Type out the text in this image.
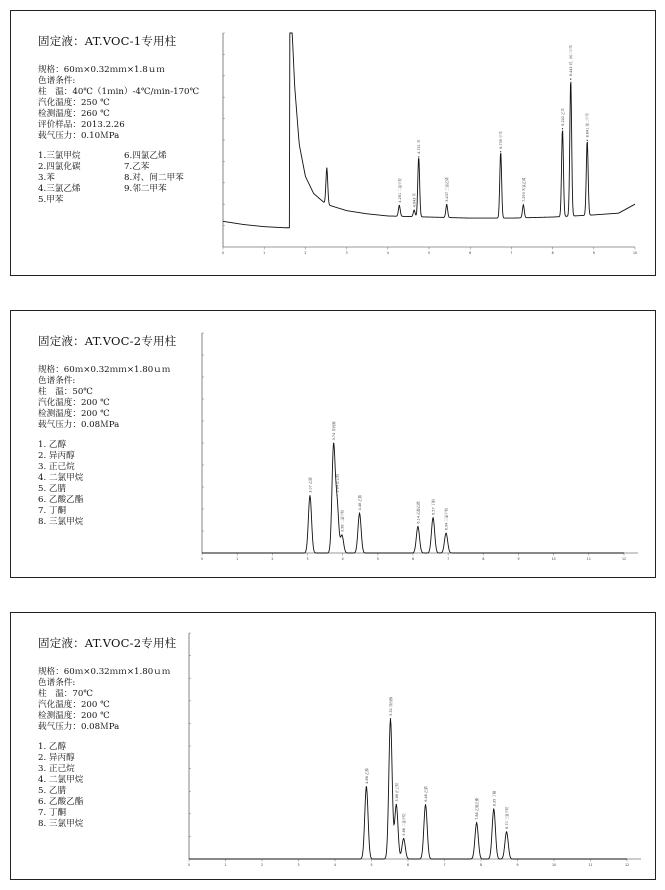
固定液：AT.VOC-1专用柱
规格：60ｍ×0.32ｍｍ×1.8ｕｍ
色谱条件:
柱　温：40℃（1ｍin）-4℃/ｍin-170℃
汽化温度：250 ℃
检测温度：260 ℃
评价样品：2013.2.26
载气压力：0.10ＭPa
1.三氯甲烷
2.四氯化碳
3.苯
4.三氯乙烯
5.甲苯
6.四氯乙烯
7.乙苯
8.对、间二甲苯
9.邻二甲苯
0	1	2	3	4	5	6	7	8	9	10
4.281 二氯甲烷	4.643 苯
4.751 苯
5.437 三氯乙烯
6.739 甲苯
7.293 四氯乙烯
8.240 乙苯
8.443 对、间二甲苯
8.841 邻二甲苯
固定液：AT.VOC-2专用柱
规格：60ｍ×0.32ｍｍ×1.80ｕｍ
色谱条件:
柱　温：50℃
汽化温度：200 ℃
检测温度：200 ℃
载气压力：0.08ＭPa
1. 乙醇
2. 异丙醇
3. 正己烷
4. 二氯甲烷
5. 乙腈
6. 乙酸乙酯
7. 丁酮
8. 三氯甲烷
0	1	2	3	4	5	6	7	8	9	10	11	12
3.07 乙醇
3.74 异丙醇
3.84 正己烷
3.98 二氯甲烷
4.48 乙腈	6.14 乙酸乙酯	6.57 丁酮
6.94 三氯甲烷
固定液：AT.VOC-2专用柱
规格：60ｍ×0.32ｍｍ×1.80ｕｍ
色谱条件:
柱　温：70℃
汽化温度：200 ℃
检测温度：200 ℃
载气压力：0.08ＭPa
1. 乙醇
2. 异丙醇
3. 正己烷
4. 二氯甲烷
5. 乙腈
6. 乙酸乙酯
7. 丁酮
8. 三氯甲烷
0	1	2	3	4	5	6	7	8	9	10	11	12
4.86 乙醇
5.52 异丙醇
5.68 正己烷
5.88 二氯甲烷
6.48 乙腈
7.88 乙酸乙酯	8.35 丁酮
8.70 三氯甲烷
